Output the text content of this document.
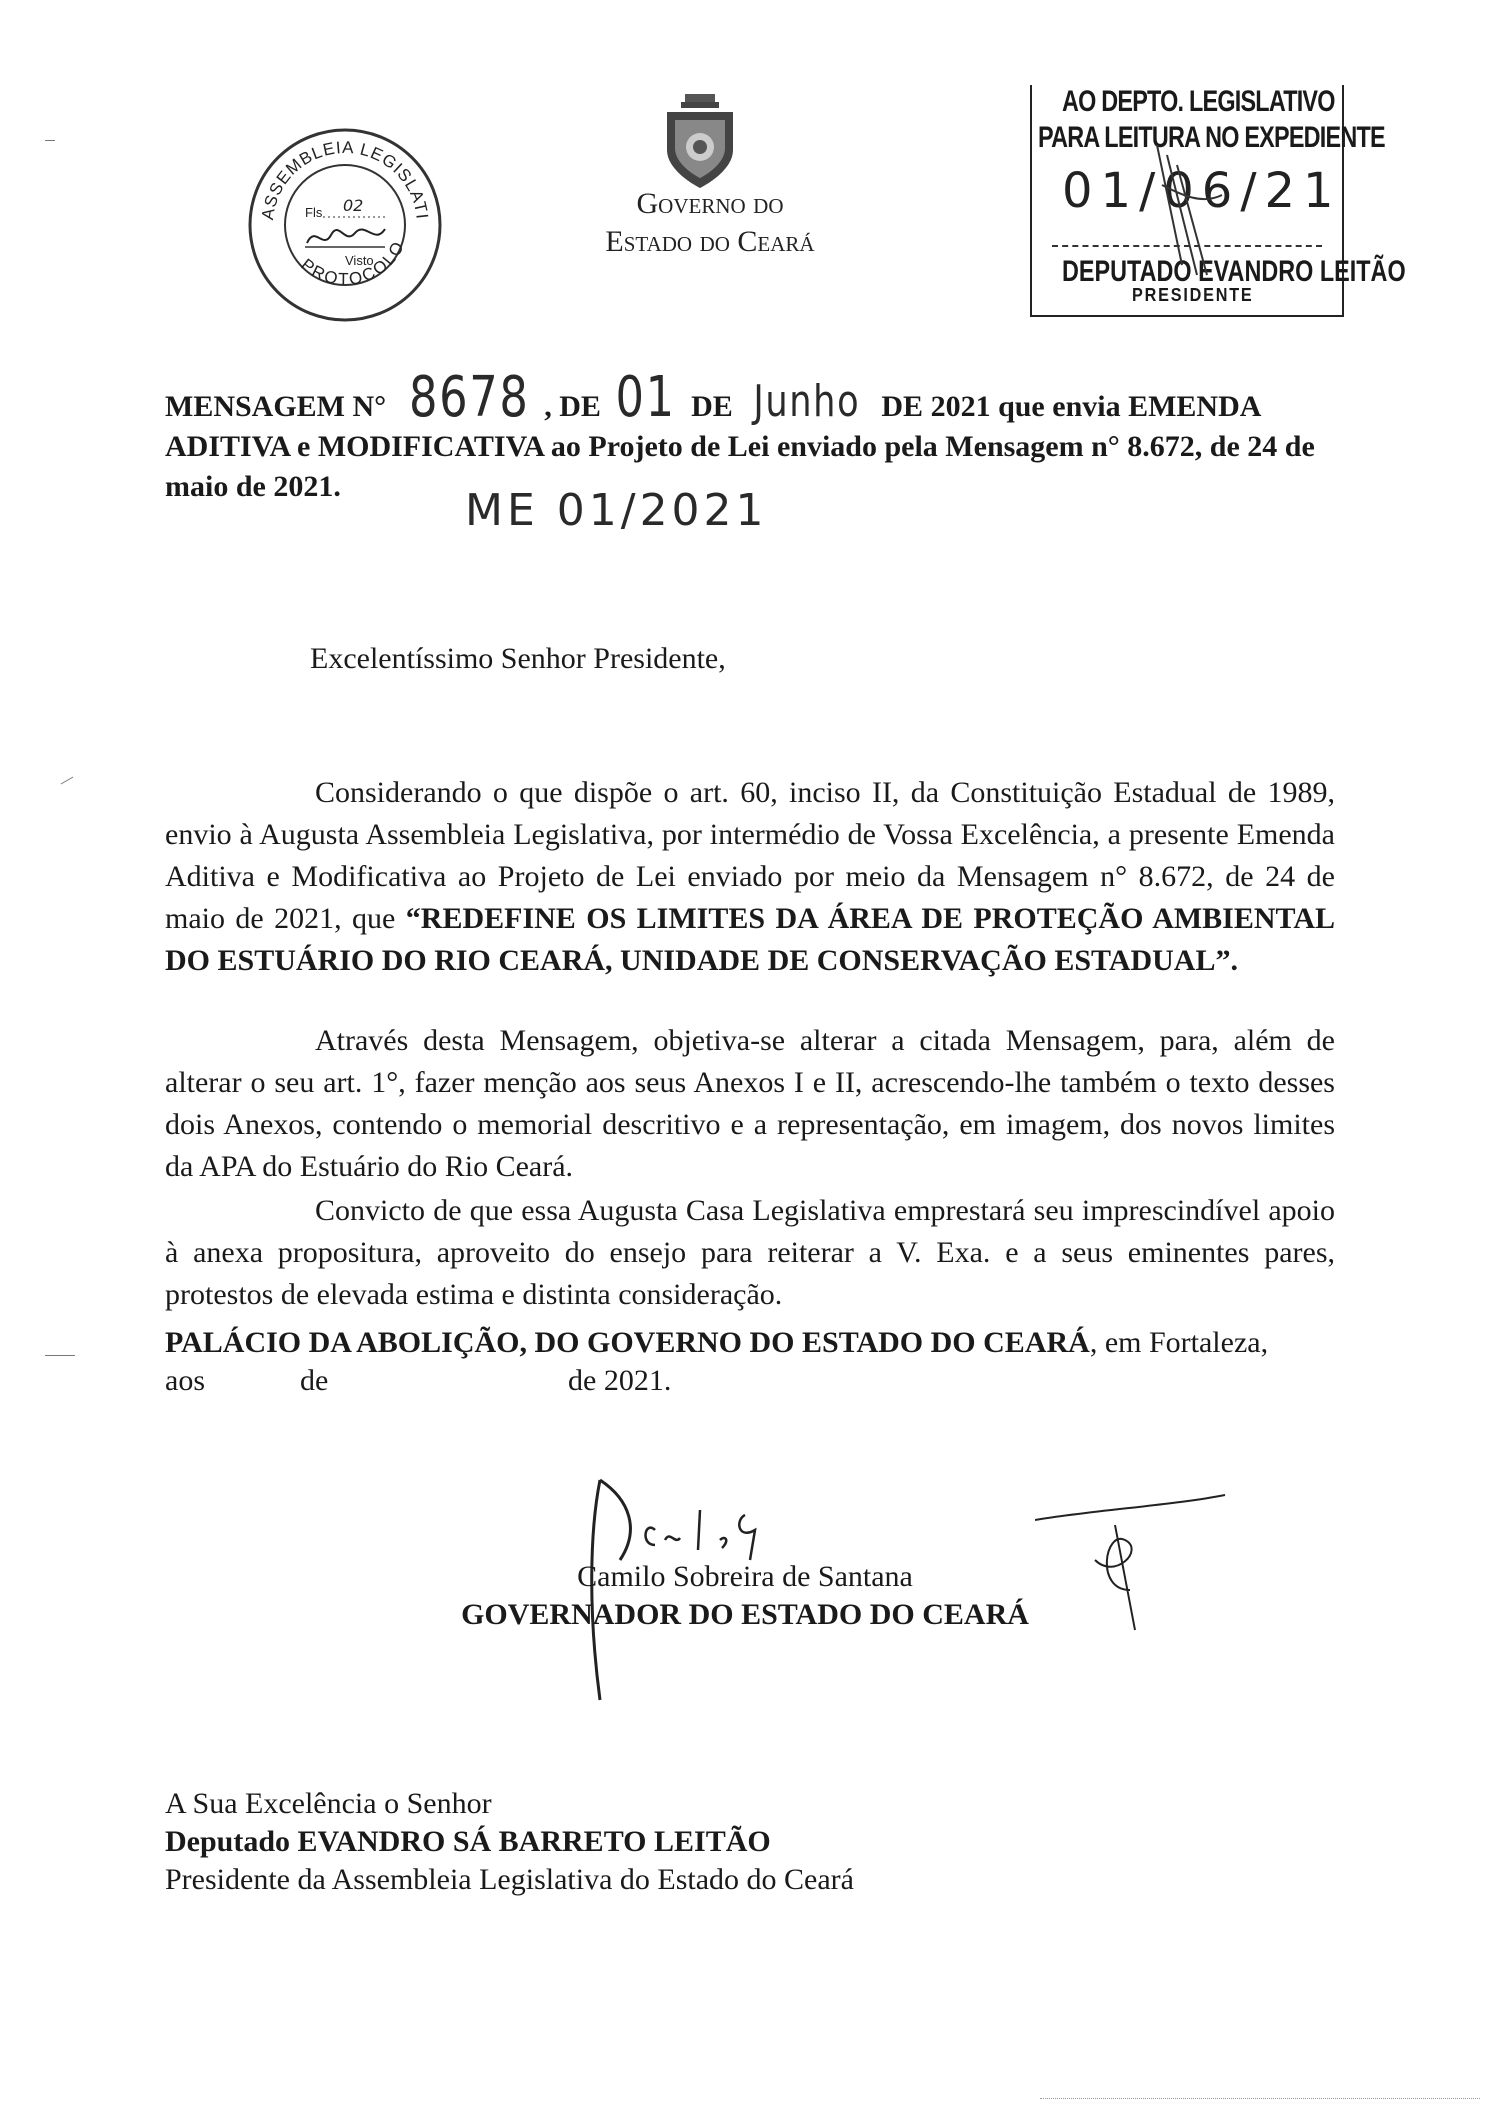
ASSEMBLEIA LEGISLATI
PROTOCOLO
Fls 02
Visto
Governo do
Estado do Ceará
AO DEPTO. LEGISLATIVO
PARA LEITURA NO EXPEDIENTE
01/06/21
DEPUTADO EVANDRO LEITÃO
PRESIDENTE
MENSAGEM N° 8678 , DE 01 DE Junho DE 2021 que envia EMENDA ADITIVA e MODIFICATIVA ao Projeto de Lei enviado pela Mensagem n° 8.672, de 24 de maio de 2021.	ME 01/2021
Excelentíssimo Senhor Presidente,
Considerando o que dispõe o art. 60, inciso II, da Constituição Estadual de 1989, envio à Augusta Assembleia Legislativa, por intermédio de Vossa Excelência, a presente Emenda Aditiva e Modificativa ao Projeto de Lei enviado por meio da Mensagem n° 8.672, de 24 de maio de 2021, que “REDEFINE OS LIMITES DA ÁREA DE PROTEÇÃO AMBIENTAL DO ESTUÁRIO DO RIO CEARÁ, UNIDADE DE CONSERVAÇÃO ESTADUAL”.
Através desta Mensagem, objetiva-se alterar a citada Mensagem, para, além de alterar o seu art. 1°, fazer menção aos seus Anexos I e II, acrescendo-lhe também o texto desses dois Anexos, contendo o memorial descritivo e a representação, em imagem, dos novos limites da APA do Estuário do Rio Ceará.
Convicto de que essa Augusta Casa Legislativa emprestará seu imprescindível apoio à anexa propositura, aproveito do ensejo para reiterar a V. Exa. e a seus eminentes pares, protestos de elevada estima e distinta consideração.
PALÁCIO DA ABOLIÇÃO, DO GOVERNO DO ESTADO DO CEARÁ, em Fortaleza,
aos	de	de 2021.
Camilo Sobreira de Santana
GOVERNADOR DO ESTADO DO CEARÁ
A Sua Excelência o Senhor
Deputado EVANDRO SÁ BARRETO LEITÃO
Presidente da Assembleia Legislativa do Estado do Ceará
